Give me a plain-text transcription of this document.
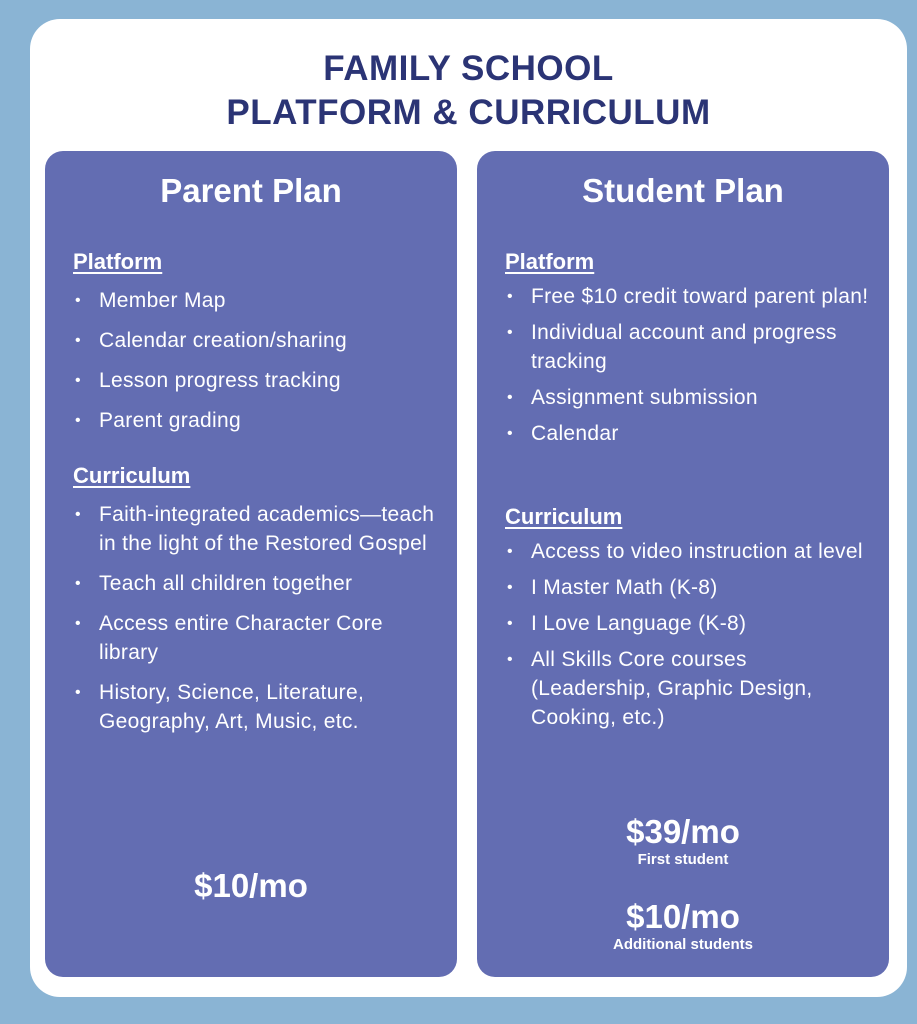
FAMILY SCHOOL
PLATFORM & CURRICULUM
Parent Plan
Platform
• Member Map
• Calendar creation/sharing
• Lesson progress tracking
• Parent grading
Curriculum
• Faith-integrated academics—teach in the light of the Restored Gospel
• Teach all children together
• Access entire Character Core library
• History, Science, Literature, Geography, Art, Music, etc.
$10/mo
Student Plan
Platform
• Free $10 credit toward parent plan!
• Individual account and progress tracking
• Assignment submission
• Calendar
Curriculum
• Access to video instruction at level
• I Master Math (K-8)
• I Love Language (K-8)
• All Skills Core courses (Leadership, Graphic Design, Cooking, etc.)
$39/mo
First student
$10/mo
Additional students
